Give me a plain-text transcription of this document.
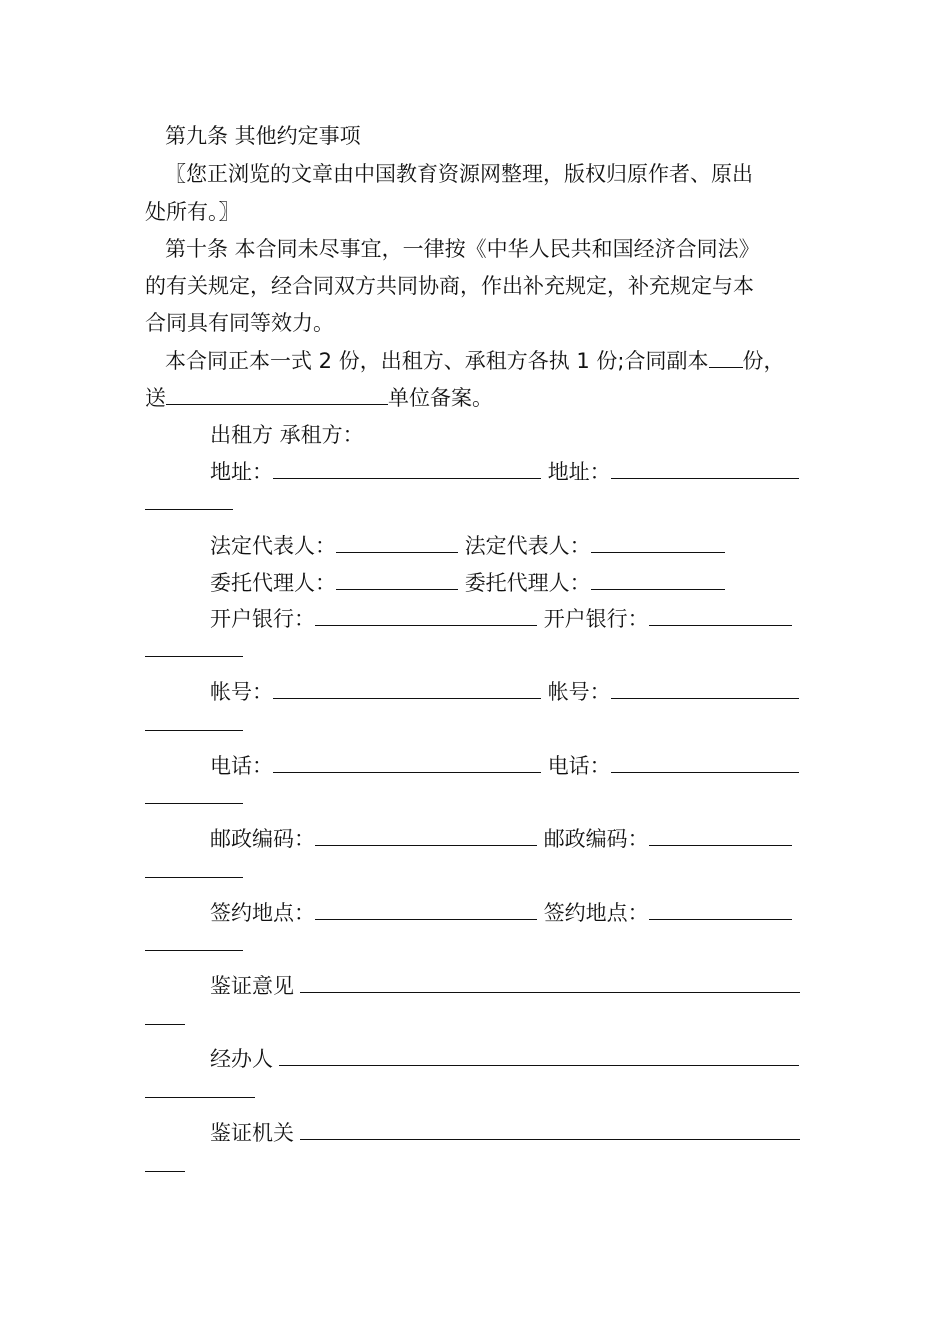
第九条 其他约定事项
〖您正浏览的文章由中国教育资源网整理，版权归原作者、原出
处所有。〗
第十条 本合同未尽事宜，一律按《中华人民共和国经济合同法》
的有关规定，经合同双方共同协商，作出补充规定，补充规定与本
合同具有同等效力。
本合同正本一式 2 份，出租方、承租方各执 1 份;合同副本 份，
送	单位备案。
出租方 承租方：
地址：	地址：
法定代表人：	法定代表人：
委托代理人：	委托代理人：
开户银行：	开户银行：
帐号：	帐号：
电话：	电话：
邮政编码：	邮政编码：
签约地点：	签约地点：
鉴证意见
经办人
鉴证机关
